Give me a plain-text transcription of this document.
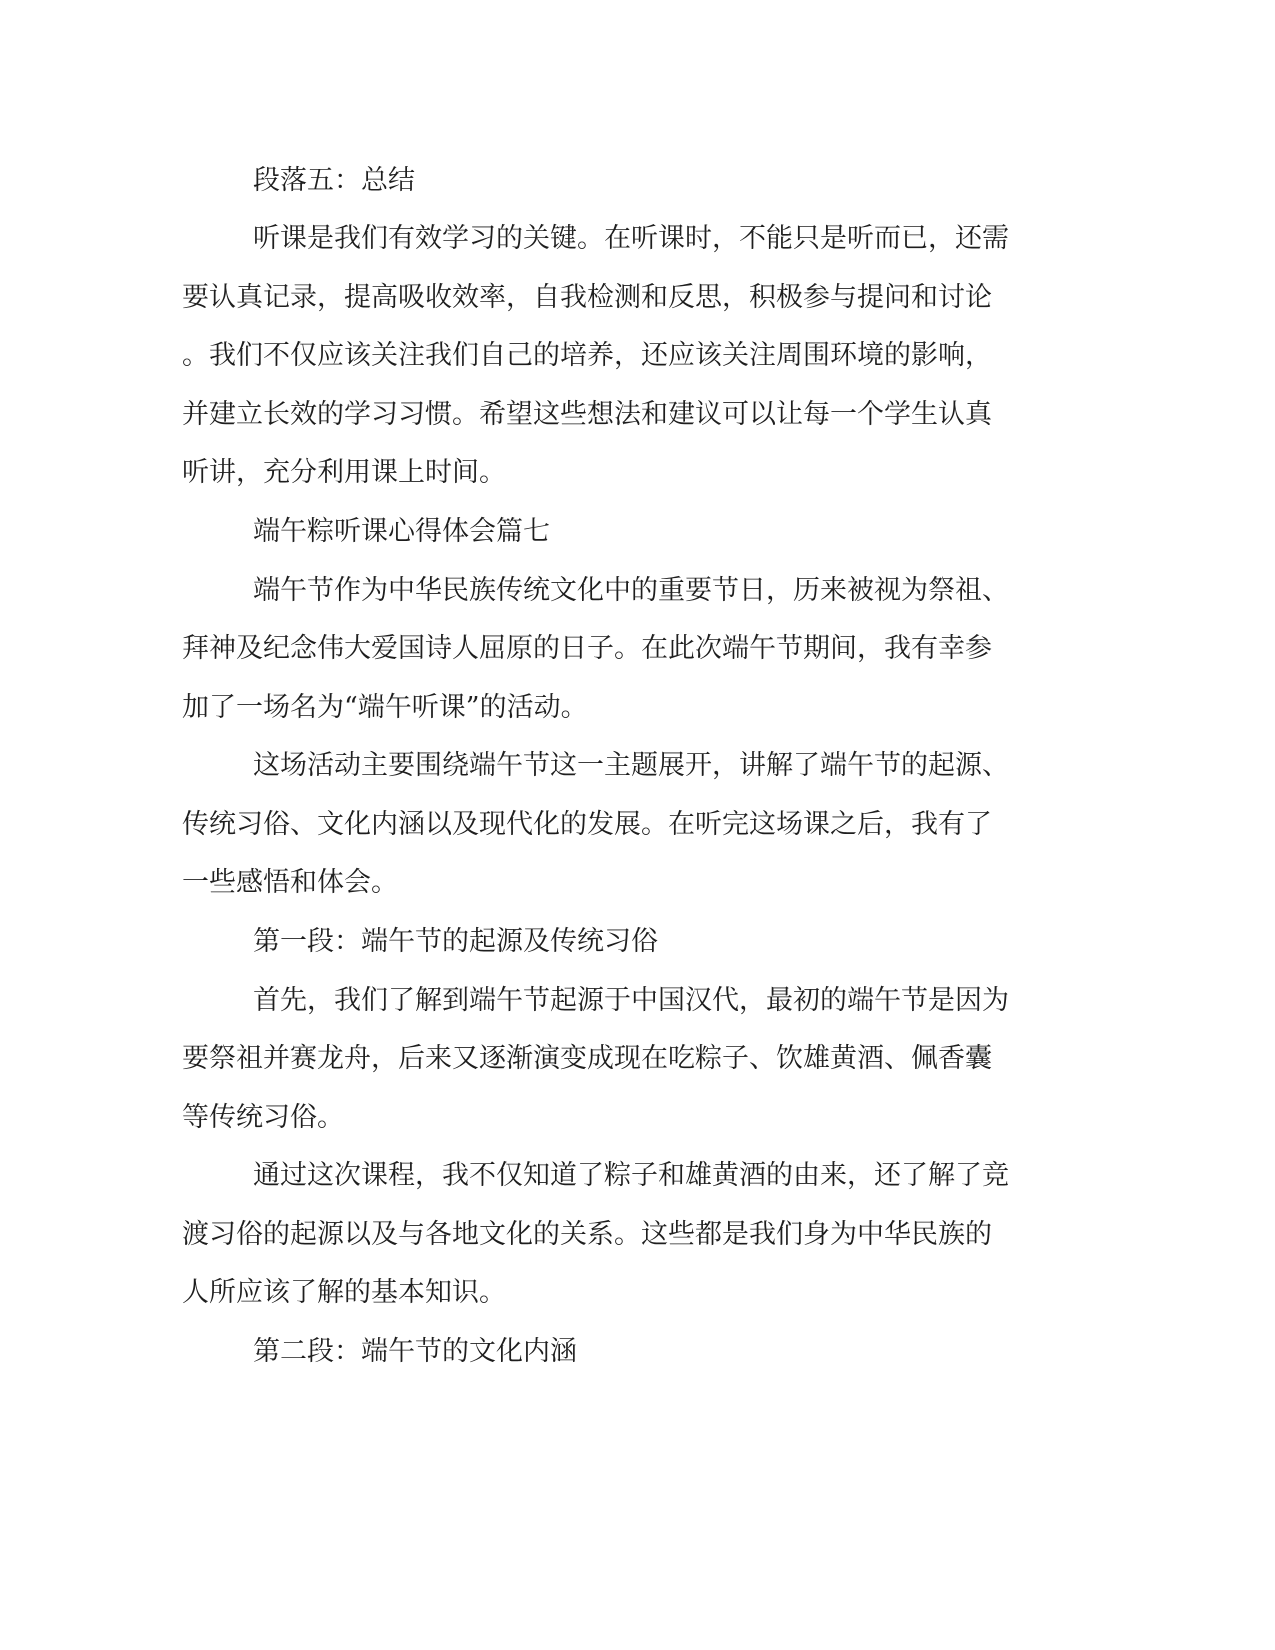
段落五：总结
听课是我们有效学习的关键。在听课时，不能只是听而已，还需
要认真记录，提高吸收效率，自我检测和反思，积极参与提问和讨论
。我们不仅应该关注我们自己的培养，还应该关注周围环境的影响，
并建立长效的学习习惯。希望这些想法和建议可以让每一个学生认真
听讲，充分利用课上时间。
端午粽听课心得体会篇七
端午节作为中华民族传统文化中的重要节日，历来被视为祭祖、
拜神及纪念伟大爱国诗人屈原的日子。在此次端午节期间，我有幸参
加了一场名为“端午听课”的活动。
这场活动主要围绕端午节这一主题展开，讲解了端午节的起源、
传统习俗、文化内涵以及现代化的发展。在听完这场课之后，我有了
一些感悟和体会。
第一段：端午节的起源及传统习俗
首先，我们了解到端午节起源于中国汉代，最初的端午节是因为
要祭祖并赛龙舟，后来又逐渐演变成现在吃粽子、饮雄黄酒、佩香囊
等传统习俗。
通过这次课程，我不仅知道了粽子和雄黄酒的由来，还了解了竞
渡习俗的起源以及与各地文化的关系。这些都是我们身为中华民族的
人所应该了解的基本知识。
第二段：端午节的文化内涵
